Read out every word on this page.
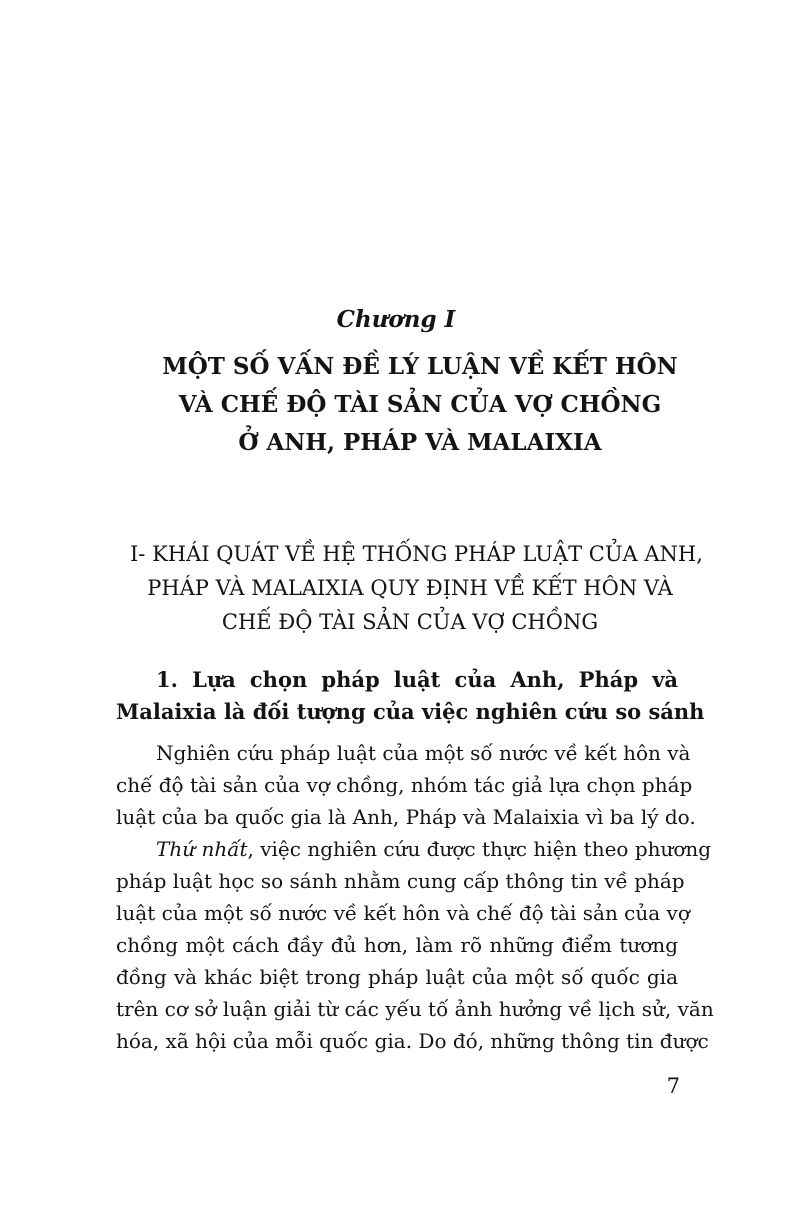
Chương I
MỘT SỐ VẤN ĐỀ LÝ LUẬN VỀ KẾT HÔN
VÀ CHẾ ĐỘ TÀI SẢN CỦA VỢ CHỒNG
Ở ANH, PHÁP VÀ MALAIXIA
I- KHÁI QUÁT VỀ HỆ THỐNG PHÁP LUẬT CỦA ANH,
PHÁP VÀ MALAIXIA QUY ĐỊNH VỀ KẾT HÔN VÀ
CHẾ ĐỘ TÀI SẢN CỦA VỢ CHỒNG
1. Lựa chọn pháp luật của Anh, Pháp và
Malaixia là đối tượng của việc nghiên cứu so sánh
Nghiên cứu pháp luật của một số nước về kết hôn và
chế độ tài sản của vợ chồng, nhóm tác giả lựa chọn pháp
luật của ba quốc gia là Anh, Pháp và Malaixia vì ba lý do.
Thứ nhất, việc nghiên cứu được thực hiện theo phương
pháp luật học so sánh nhằm cung cấp thông tin về pháp
luật của một số nước về kết hôn và chế độ tài sản của vợ
chồng một cách đầy đủ hơn, làm rõ những điểm tương
đồng và khác biệt trong pháp luật của một số quốc gia
trên cơ sở luận giải từ các yếu tố ảnh hưởng về lịch sử, văn
hóa, xã hội của mỗi quốc gia. Do đó, những thông tin được
7
